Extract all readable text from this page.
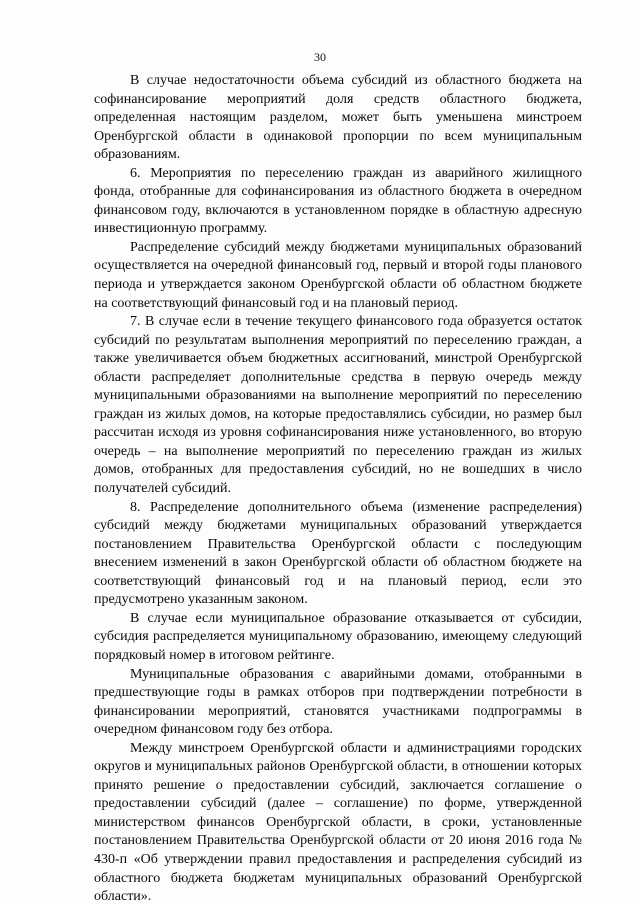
30

В случае недостаточности объема субсидий из областного бюджета на софинансирование мероприятий доля средств областного бюджета, определенная настоящим разделом, может быть уменьшена минстроем Оренбургской области в одинаковой пропорции по всем муниципальным образованиям.

6. Мероприятия по переселению граждан из аварийного жилищного фонда, отобранные для софинансирования из областного бюджета в очередном финансовом году, включаются в установленном порядке в областную адресную инвестиционную программу.

Распределение субсидий между бюджетами муниципальных образований осуществляется на очередной финансовый год, первый и второй годы планового периода и утверждается законом Оренбургской области об областном бюджете на соответствующий финансовый год и на плановый период.

7. В случае если в течение текущего финансового года образуется остаток субсидий по результатам выполнения мероприятий по переселению граждан, а также увеличивается объем бюджетных ассигнований, минстрой Оренбургской области распределяет дополнительные средства в первую очередь между муниципальными образованиями на выполнение мероприятий по переселению граждан из жилых домов, на которые предоставлялись субсидии, но размер был рассчитан исходя из уровня софинансирования ниже установленного, во вторую очередь – на выполнение мероприятий по переселению граждан из жилых домов, отобранных для предоставления субсидий, но не вошедших в число получателей субсидий.

8. Распределение дополнительного объема (изменение распределения) субсидий между бюджетами муниципальных образований утверждается постановлением Правительства Оренбургской области с последующим внесением изменений в закон Оренбургской области об областном бюджете на соответствующий финансовый год и на плановый период, если это предусмотрено указанным законом.

В случае если муниципальное образование отказывается от субсидии, субсидия распределяется муниципальному образованию, имеющему следующий порядковый номер в итоговом рейтинге.

Муниципальные образования с аварийными домами, отобранными в предшествующие годы в рамках отборов при подтверждении потребности в финансировании мероприятий, становятся участниками подпрограммы в очередном финансовом году без отбора.

Между минстроем Оренбургской области и администрациями городских округов и муниципальных районов Оренбургской области, в отношении которых принято решение о предоставлении субсидий, заключается соглашение о предоставлении субсидий (далее – соглашение) по форме, утвержденной министерством финансов Оренбургской области, в сроки, установленные постановлением Правительства Оренбургской области от 20 июня 2016 года № 430-п «Об утверждении правил предоставления и распределения субсидий из областного бюджета бюджетам муниципальных образований Оренбургской области».
